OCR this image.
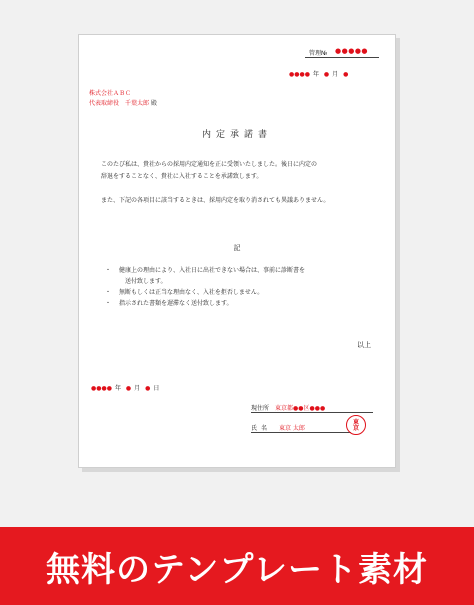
管理№ ●●●●●
●●●● 年 ● 月 ●
株式会社ＡＢＣ
代表取締役　千葉太郎 殿
内定承諾書

このたび私は、貴社からの採用内定通知を正に受領いたしました。後日に内定の
辞退をすることなく、貴社に入社することを承諾致します。

また、下記の各項目に該当するときは、採用内定を取り消されても異議ありません。

記
・ 健康上の理由により、入社日に出社できない場合は、事前に診断書を
送付致します。
・ 無断もしくは正当な理由なく、入社を拒否しません。
・ 指示された書類を遅滞なく送付致します。
以上
●●●● 年 ● 月 ● 日
現住所 東京都●●区●●●
氏名 東京 太郎
東
京
無料のテンプレート素材
